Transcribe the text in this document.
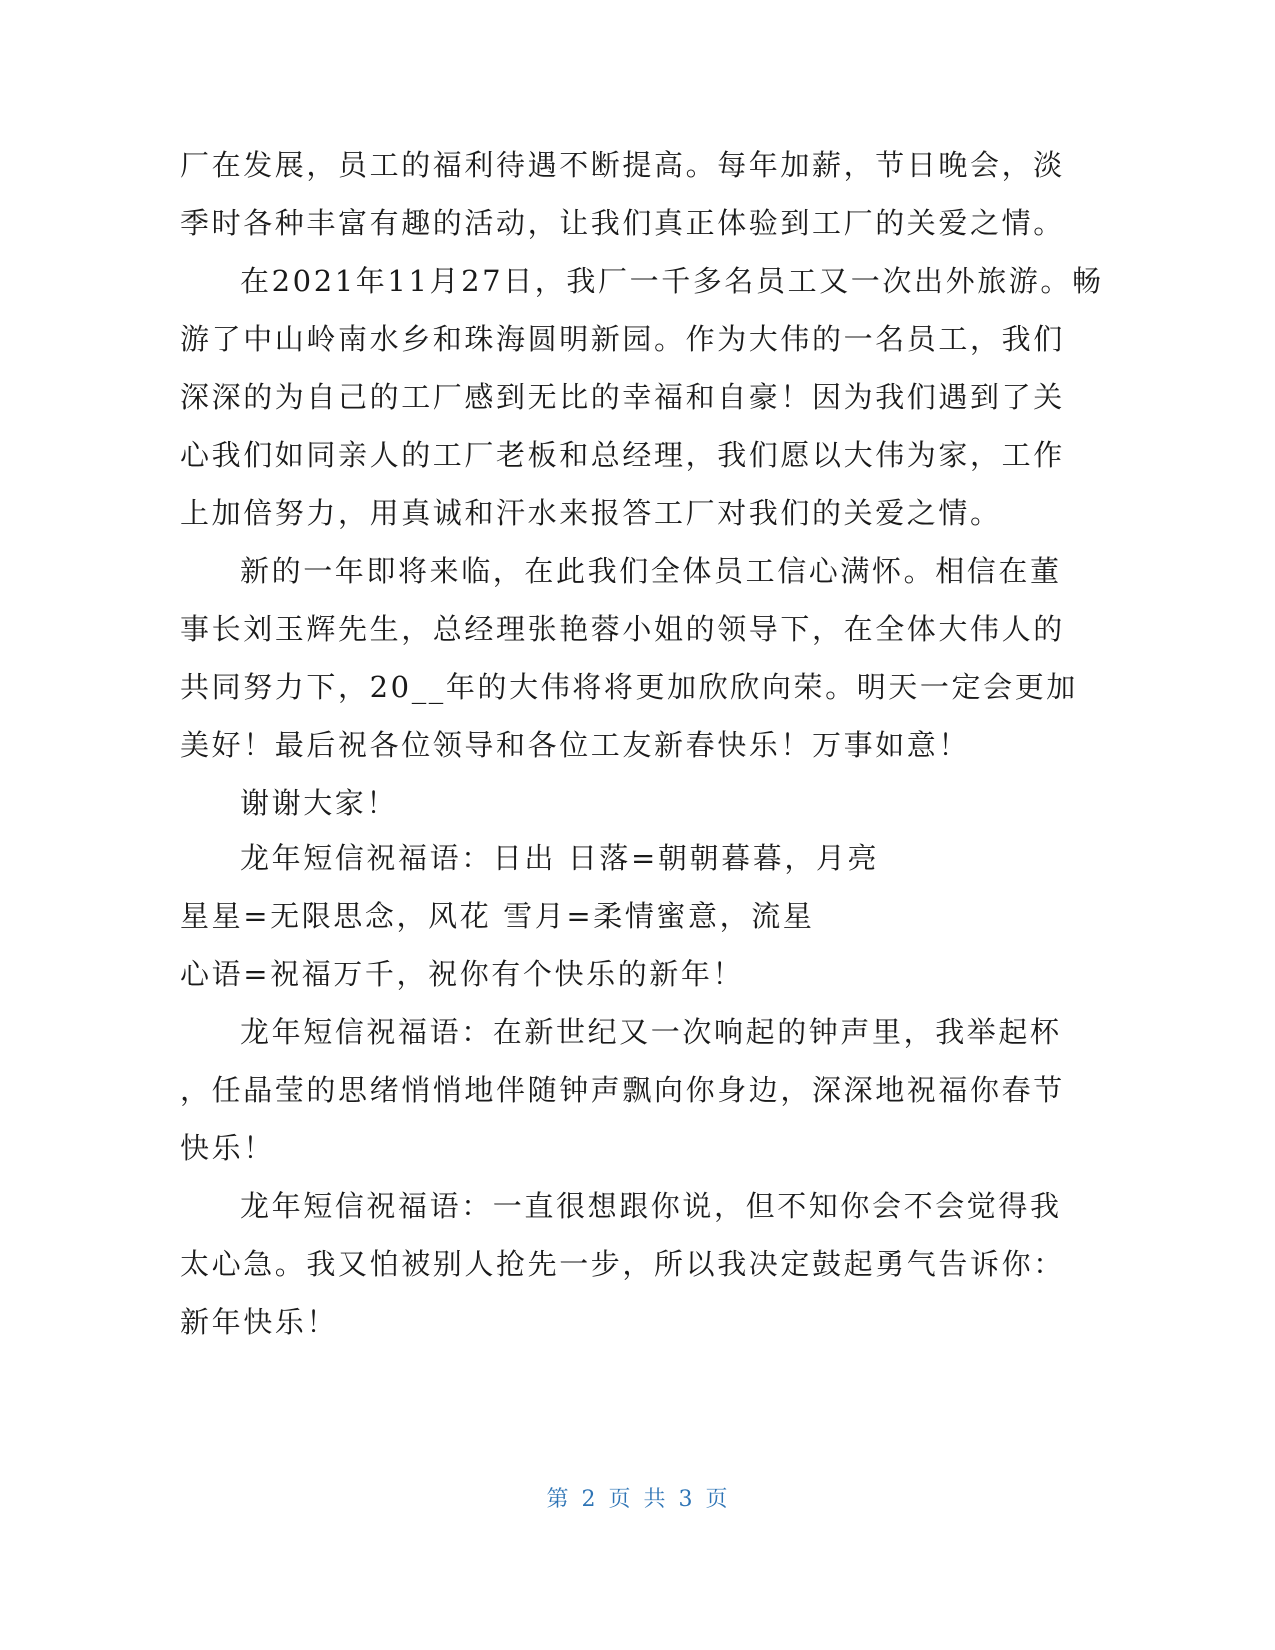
厂在发展，员工的福利待遇不断提高。每年加薪，节日晚会，淡
季时各种丰富有趣的活动，让我们真正体验到工厂的关爱之情。
在2021年11月27日，我厂一千多名员工又一次出外旅游。畅
游了中山岭南水乡和珠海圆明新园。作为大伟的一名员工，我们
深深的为自己的工厂感到无比的幸福和自豪！因为我们遇到了关
心我们如同亲人的工厂老板和总经理，我们愿以大伟为家，工作
上加倍努力，用真诚和汗水来报答工厂对我们的关爱之情。
新的一年即将来临，在此我们全体员工信心满怀。相信在董
事长刘玉辉先生，总经理张艳蓉小姐的领导下，在全体大伟人的
共同努力下，20__年的大伟将将更加欣欣向荣。明天一定会更加
美好！最后祝各位领导和各位工友新春快乐！万事如意！
谢谢大家！
龙年短信祝福语：日出 日落=朝朝暮暮，月亮
星星=无限思念，风花 雪月=柔情蜜意，流星
心语=祝福万千，祝你有个快乐的新年！
龙年短信祝福语：在新世纪又一次响起的钟声里，我举起杯
，任晶莹的思绪悄悄地伴随钟声飘向你身边，深深地祝福你春节
快乐！
龙年短信祝福语：一直很想跟你说，但不知你会不会觉得我
太心急。我又怕被别人抢先一步，所以我决定鼓起勇气告诉你：
新年快乐！
第 2 页 共 3 页
